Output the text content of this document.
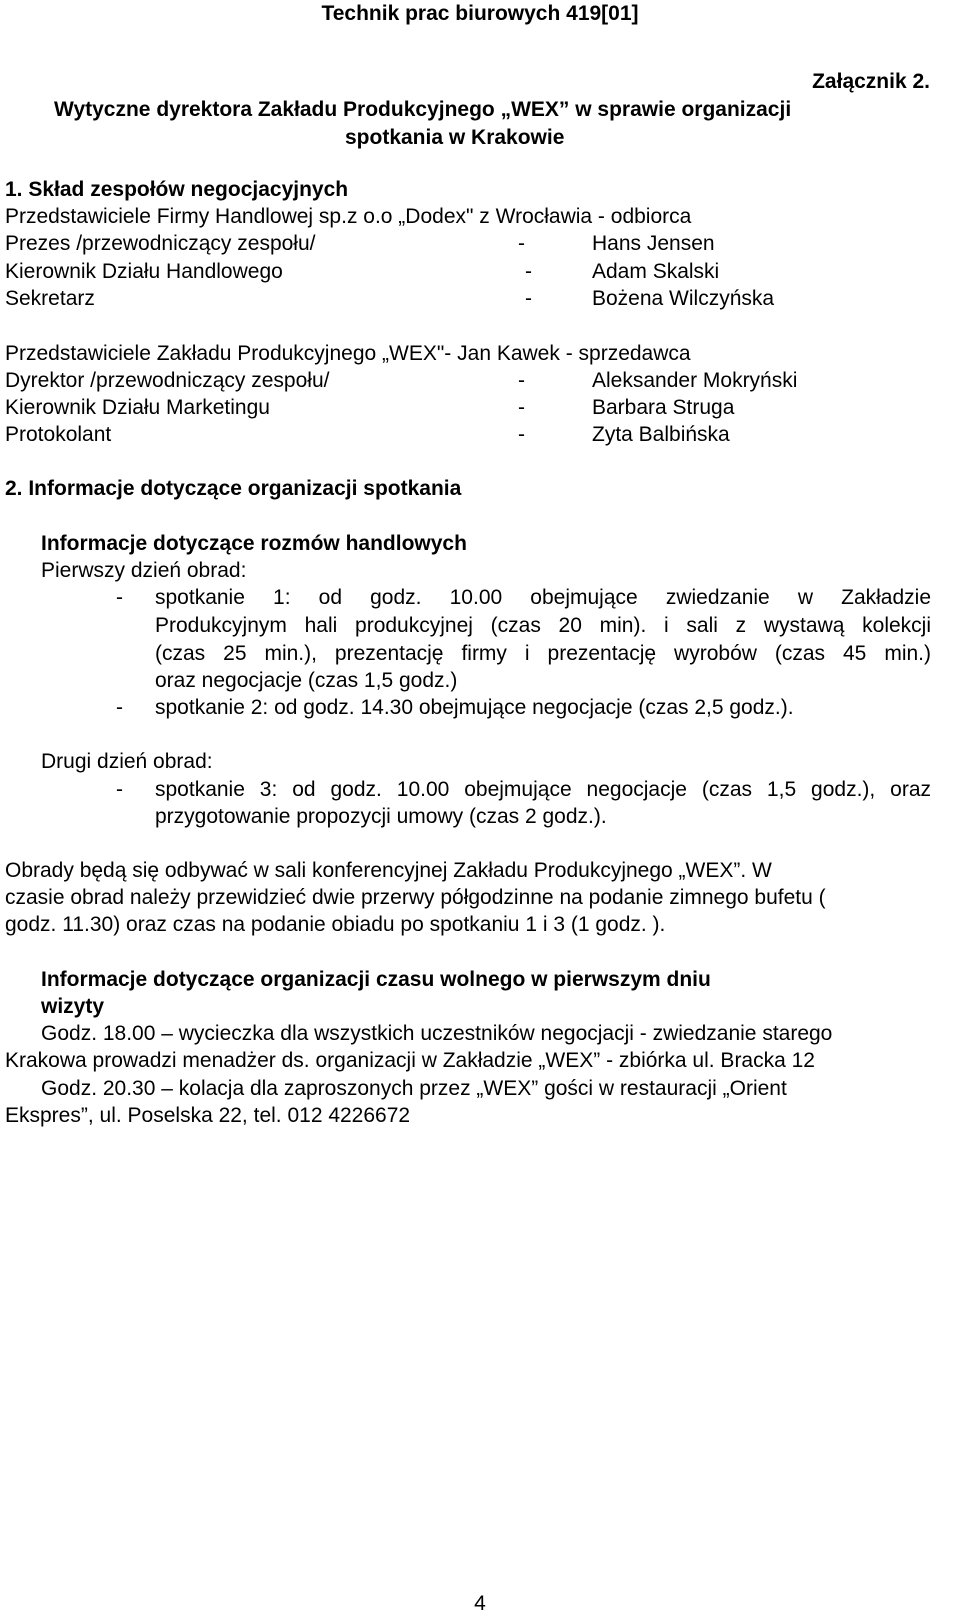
Technik prac biurowych 419[01]
Załącznik 2.
Wytyczne dyrektora Zakładu Produkcyjnego „WEX” w sprawie organizacji
spotkania w Krakowie
1. Skład zespołów negocjacyjnych
Przedstawiciele Firmy Handlowej sp.z o.o „Dodex" z Wrocławia - odbiorca
Prezes /przewodniczący zespołu/	-	Hans Jensen
Kierownik Działu Handlowego	-	Adam Skalski
Sekretarz	-	Bożena Wilczyńska
Przedstawiciele Zakładu Produkcyjnego „WEX"- Jan Kawek - sprzedawca
Dyrektor /przewodniczący zespołu/	-	Aleksander Mokryński
Kierownik Działu Marketingu	-	Barbara Struga
Protokolant	-	Zyta Balbińska
2. Informacje dotyczące organizacji spotkania
Informacje dotyczące rozmów handlowych
Pierwszy dzień obrad:
- spotkanie 1: od godz. 10.00 obejmujące zwiedzanie w Zakładzie
Produkcyjnym hali produkcyjnej (czas 20 min). i sali z wystawą kolekcji
(czas 25 min.), prezentację firmy i prezentację wyrobów (czas 45 min.)
oraz negocjacje (czas 1,5 godz.)
- spotkanie 2: od godz. 14.30 obejmujące negocjacje (czas 2,5 godz.).
Drugi dzień obrad:
- spotkanie 3: od godz. 10.00 obejmujące negocjacje (czas 1,5 godz.), oraz
przygotowanie propozycji umowy (czas 2 godz.).
Obrady będą się odbywać w sali konferencyjnej Zakładu Produkcyjnego „WEX”. W
czasie obrad należy przewidzieć dwie przerwy półgodzinne na podanie zimnego bufetu (
godz. 11.30) oraz czas na podanie obiadu po spotkaniu 1 i 3 (1 godz. ).
Informacje dotyczące organizacji czasu wolnego w pierwszym dniu
wizyty
Godz. 18.00 – wycieczka dla wszystkich uczestników negocjacji - zwiedzanie starego
Krakowa prowadzi menadżer ds. organizacji w Zakładzie „WEX” - zbiórka ul. Bracka 12
Godz. 20.30 – kolacja dla zaproszonych przez „WEX” gości w restauracji „Orient
Ekspres”, ul. Poselska 22, tel. 012 4226672
4
